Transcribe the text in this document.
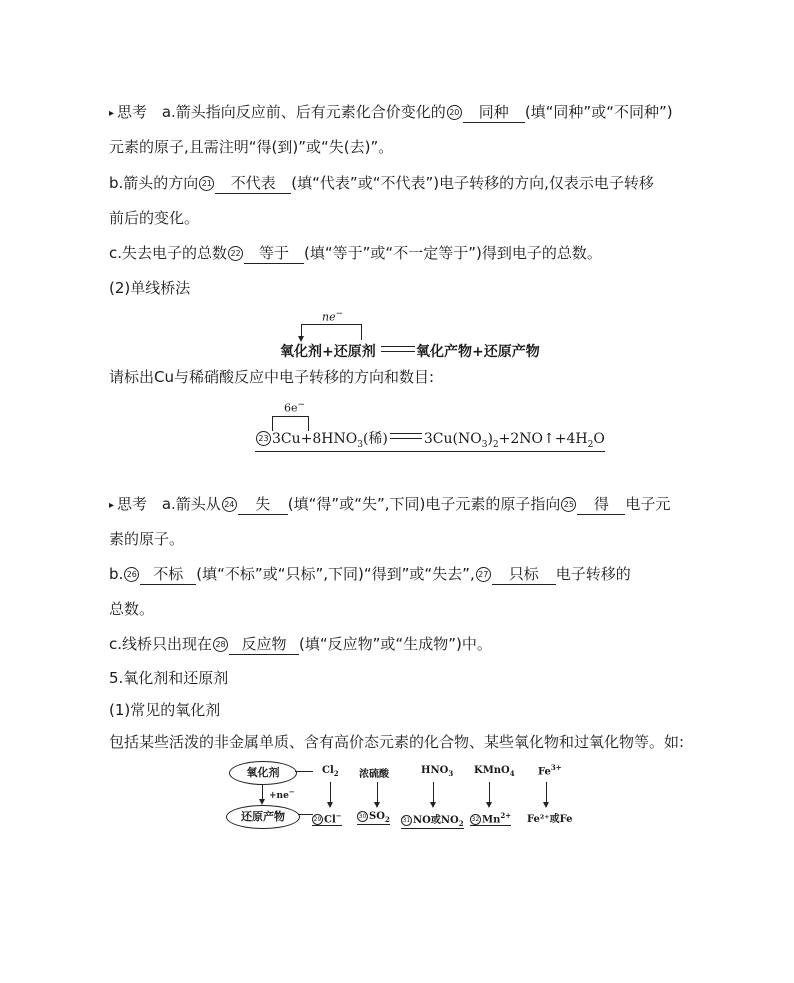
▸ 思考 a.箭头指向反应前、后有元素化合价变化的 20 同种 (填“同种”或“不同种”)
元素的原子,且需注明“得(到)”或“失(去)”。
b.箭头的方向 21 不代表 (填“代表”或“不代表”)电子转移的方向,仅表示电子转移
前后的变化。
c.失去电子的总数 22 等于 (填“等于”或“不一定等于”)得到电子的总数。
(2)单线桥法
ne−
氧化剂+还原剂	氧化产物+还原产物
请标出Cu与稀硝酸反应中电子转移的方向和数目:
6e−
23 $3Cu+8HNO_3$(稀)	$3Cu(NO_3)_2+2NO↑+4H_2O$
▸ 思考 a.箭头从 24 失 (填“得”或“失”,下同)电子元素的原子指向 25 得 电子元
素的原子。
b. 26 不标 (填“不标”或“只标”,下同)“得到”或“失去”, 27 只标 电子转移的
总数。
c.线桥只出现在 28 反应物 (填“反应物”或“生成物”)中。
5.氧化剂和还原剂
(1)常见的氧化剂
包括某些活泼的非金属单质、含有高价态元素的化合物、某些氧化物和过氧化物等。如:
氧化剂
+ne−
还原产物
$Cl_2$
29 Cl−
浓硫酸
30 $SO_2$
$HNO_3$
31 NO或$NO_2$
KMnO$_4$
32 $Mn^{2+}$
$Fe^{3+}$
Fe²⁺或Fe
